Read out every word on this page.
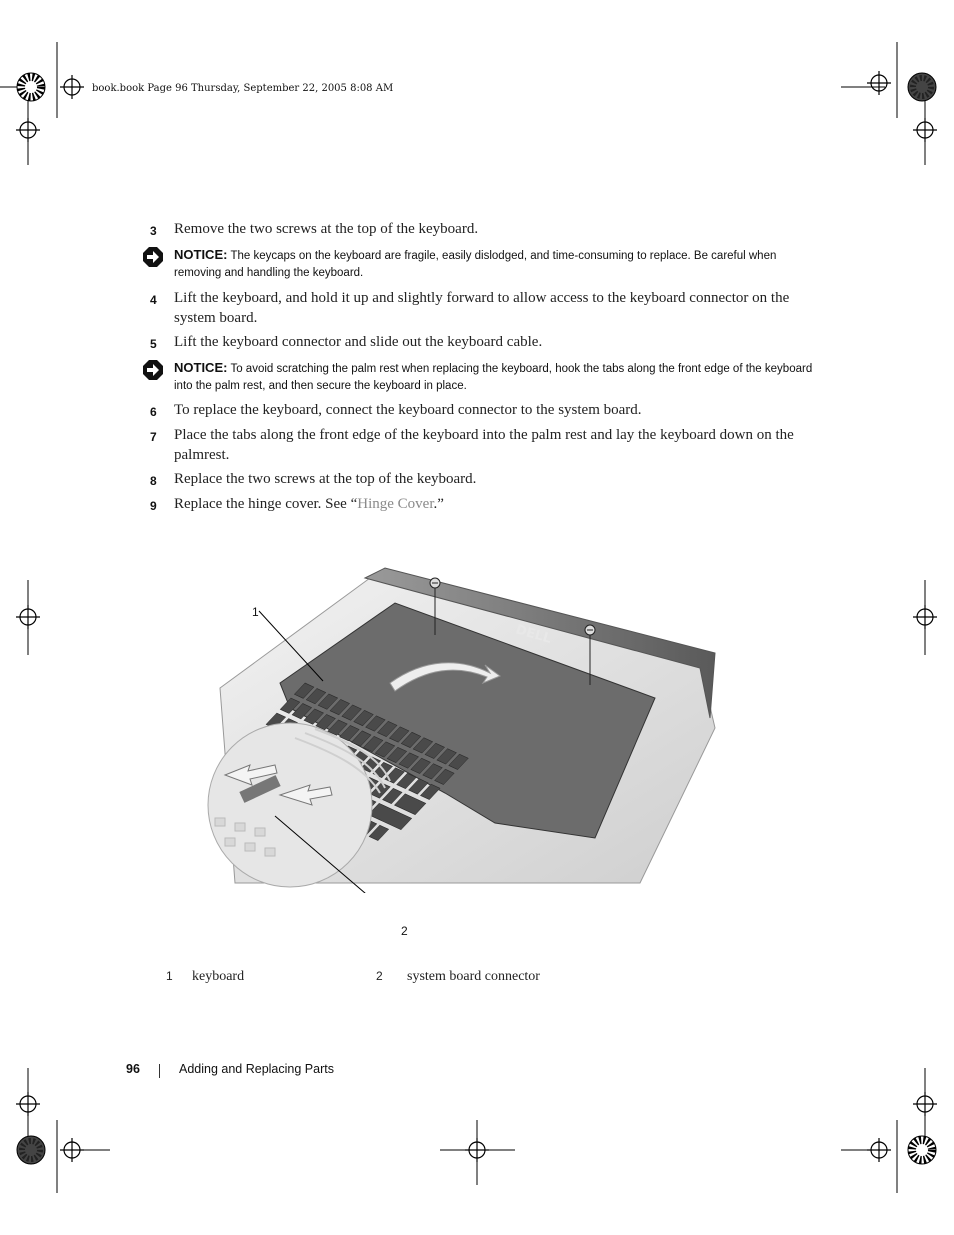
book.book Page 96 Thursday, September 22, 2005 8:08 AM
3	Remove the two screws at the top of the keyboard.
NOTICE: The keycaps on the keyboard are fragile, easily dislodged, and time-consuming to replace. Be careful when removing and handling the keyboard.
4	Lift the keyboard, and hold it up and slightly forward to allow access to the keyboard connector on the system board.
5	Lift the keyboard connector and slide out the keyboard cable.
NOTICE: To avoid scratching the palm rest when replacing the keyboard, hook the tabs along the front edge of the keyboard into the palm rest, and then secure the keyboard in place.
6	To replace the keyboard, connect the keyboard connector to the system board.
7	Place the tabs along the front edge of the keyboard into the palm rest and lay the keyboard down on the palmrest.
8	Replace the two screws at the top of the keyboard.
9	Replace the hinge cover. See “Hinge Cover.”
DELL
1
2
1 keyboard	2 system board connector
96	Adding and Replacing Parts
